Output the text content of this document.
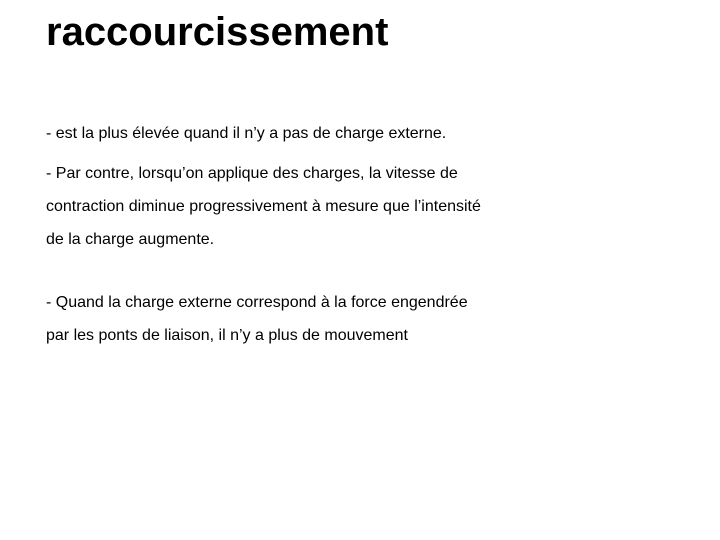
raccourcissement

- est la plus élevée quand il n’y a pas de charge externe.

- Par contre, lorsqu’on applique des charges, la vitesse de

contraction diminue progressivement à mesure que l’intensité

de la charge augmente.

- Quand la charge externe correspond à la force engendrée

par les ponts de liaison, il n’y a plus de mouvement
